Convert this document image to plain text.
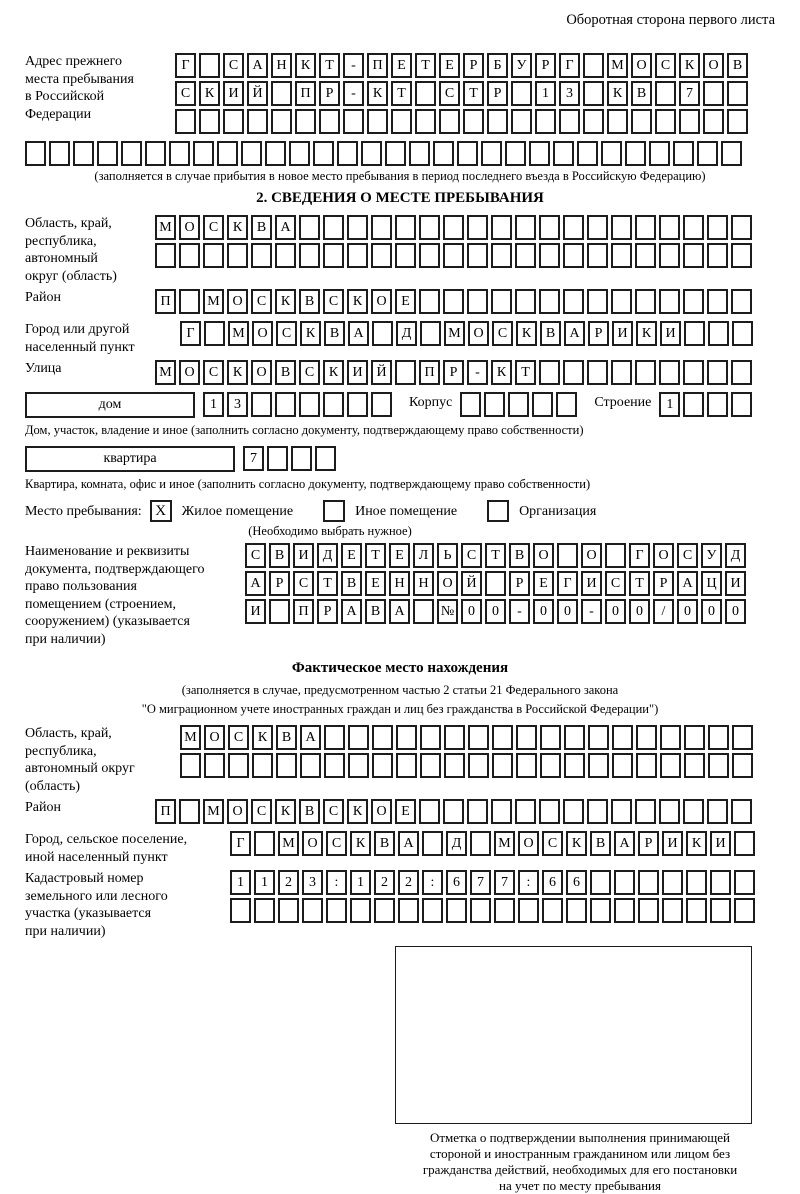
Оборотная сторона первого листа
Адрес прежнего
места пребывания
в Российской
Федерации
Г	С А Н К Т - П Е Т Е Р Б У Р Г	М О С К О В
С К И Й	П Р - К Т	С Т Р	1 3	К В	7
(заполняется в случае прибытия в новое место пребывания в период последнего въезда в Российскую Федерацию)
2. СВЕДЕНИЯ О МЕСТЕ ПРЕБЫВАНИЯ
Область, край,
республика,
автономный
округ (область)
М О С К В А
Район	П	М О С К В С К О Е
Город или другой
населенный пункт
Г	М О С К В А	Д	М О С К В А Р И К И
Улица	М О С К О В С К И Й	П Р - К Т
дом	1 3	Корпус	Строение	1
Дом, участок, владение и иное (заполнить согласно документу, подтверждающему право собственности)
квартира	7
Квартира, комната, офис и иное (заполнить согласно документу, подтверждающему право собственности)
Место пребывания: X	Жилое помещение	Иное помещение	Организация
(Необходимо выбрать нужное)
Наименование и реквизиты
документа, подтверждающего
право пользования
помещением (строением,
сооружением) (указывается
при наличии)
С В И Д Е Т Е Л Ь С Т В О	О	Г О С У Д
А Р С Т В Е Н Н О Й	Р Е Г И С Т Р А Ц И
И	П Р А В А	№ 0 0 - 0 0 - 0 0 / 0 0 0
Фактическое место нахождения
(заполняется в случае, предусмотренном частью 2 статьи 21 Федерального закона
"О миграционном учете иностранных граждан и лиц без гражданства в Российской Федерации")
Область, край,
республика,
автономный округ
(область)
М О С К В А
Район	П	М О С К В С К О Е
Город, сельское поселение,
иной населенный пункт
Г	М О С К В А	Д	М О С К В А Р И К И
Кадастровый номер
земельного или лесного
участка (указывается
при наличии)
1 1 2 3 : 1 2 2 : 6 7 7 : 6 6
Отметка о подтверждении выполнения принимающей
стороной и иностранным гражданином или лицом без
гражданства действий, необходимых для его постановки
на учет по месту пребывания
